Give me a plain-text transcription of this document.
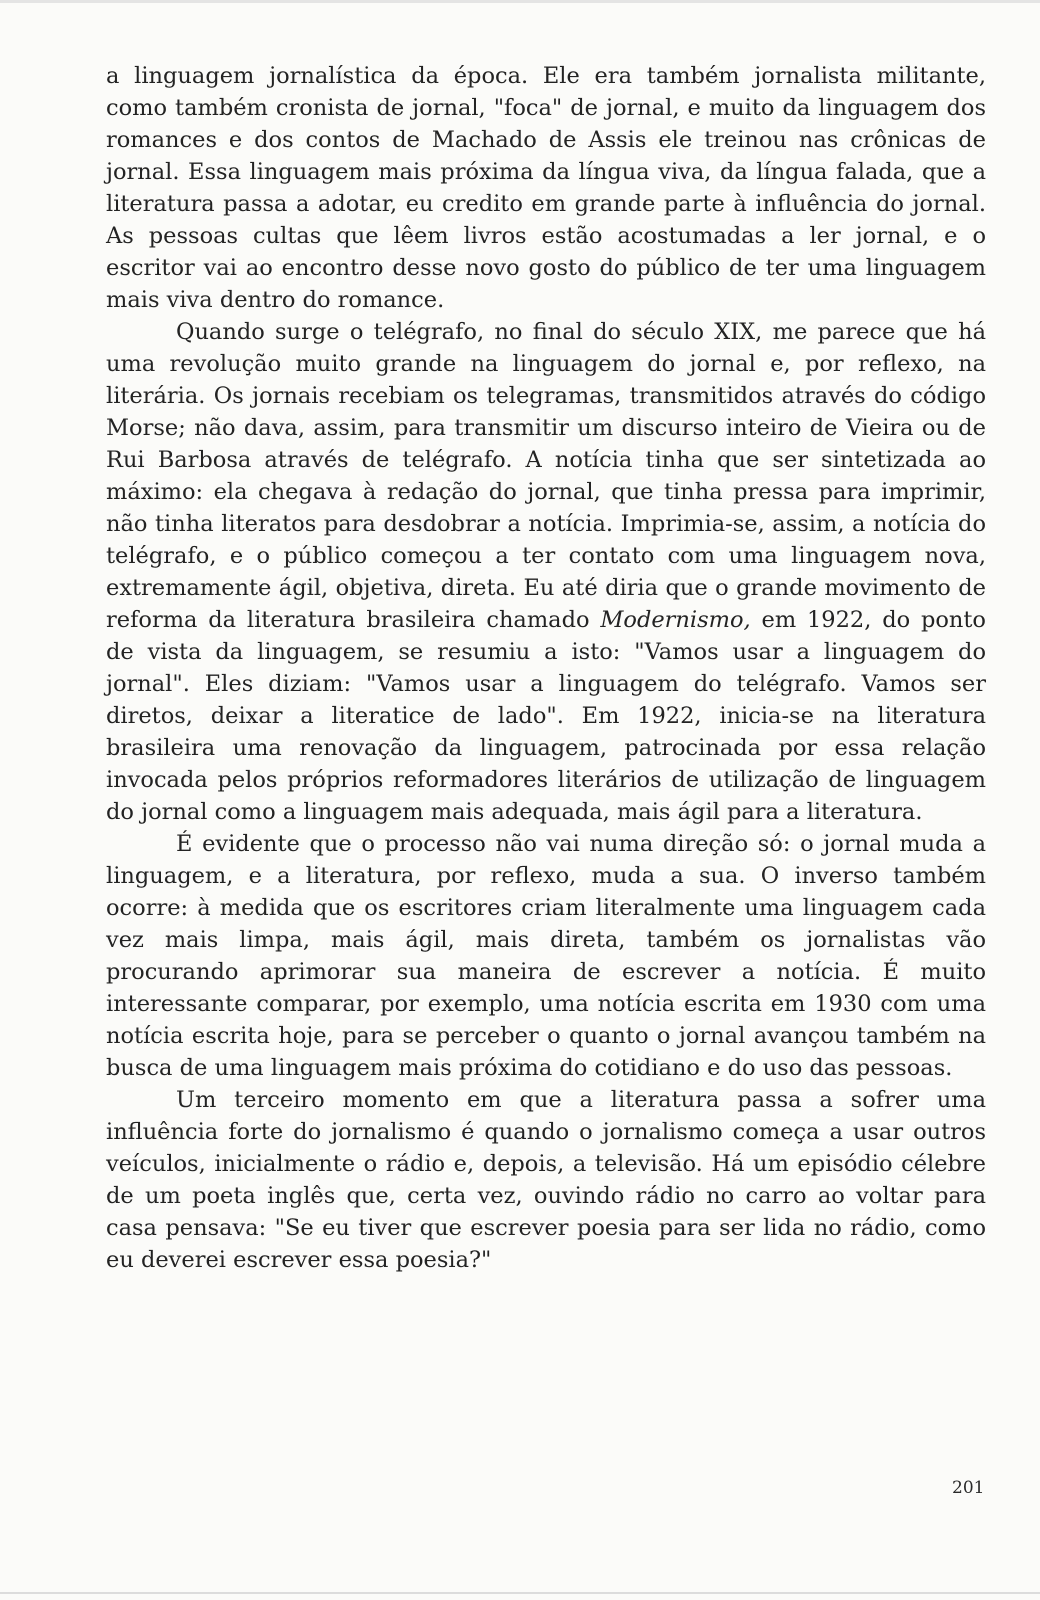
a linguagem jornalística da época. Ele era também jornalista militante, como também cronista de jornal, "foca" de jornal, e muito da linguagem dos romances e dos contos de Machado de Assis ele treinou nas crônicas de jornal. Essa linguagem mais próxima da língua viva, da língua falada, que a literatura passa a adotar, eu credito em grande parte à influência do jornal. As pessoas cultas que lêem livros estão acostumadas a ler jornal, e o escritor vai ao encontro desse novo gosto do público de ter uma linguagem mais viva dentro do romance.

Quando surge o telégrafo, no final do século XIX, me parece que há uma revolução muito grande na linguagem do jornal e, por reflexo, na literária. Os jornais recebiam os telegramas, transmitidos através do código Morse; não dava, assim, para transmitir um discurso inteiro de Vieira ou de Rui Barbosa através de telégrafo. A notícia tinha que ser sintetizada ao máximo: ela chegava à redação do jornal, que tinha pressa para imprimir, não tinha literatos para desdobrar a notícia. Imprimia-se, assim, a notícia do telégrafo, e o público começou a ter contato com uma linguagem nova, extremamente ágil, objetiva, direta. Eu até diria que o grande movimento de reforma da literatura brasileira chamado Modernismo, em 1922, do ponto de vista da linguagem, se resumiu a isto: "Vamos usar a linguagem do jornal". Eles diziam: "Vamos usar a linguagem do telégrafo. Vamos ser diretos, deixar a literatice de lado". Em 1922, inicia-se na literatura brasileira uma renovação da linguagem, patrocinada por essa relação invocada pelos próprios reformadores literários de utilização de linguagem do jornal como a linguagem mais adequada, mais ágil para a literatura.

É evidente que o processo não vai numa direção só: o jornal muda a linguagem, e a literatura, por reflexo, muda a sua. O inverso também ocorre: à medida que os escritores criam literalmente uma linguagem cada vez mais limpa, mais ágil, mais direta, também os jornalistas vão procurando aprimorar sua maneira de escrever a notícia. É muito interessante comparar, por exemplo, uma notícia escrita em 1930 com uma notícia escrita hoje, para se perceber o quanto o jornal avançou também na busca de uma linguagem mais próxima do cotidiano e do uso das pessoas.

Um terceiro momento em que a literatura passa a sofrer uma influência forte do jornalismo é quando o jornalismo começa a usar outros veículos, inicialmente o rádio e, depois, a televisão. Há um episódio célebre de um poeta inglês que, certa vez, ouvindo rádio no carro ao voltar para casa pensava: "Se eu tiver que escrever poesia para ser lida no rádio, como eu deverei escrever essa poesia?"

201
